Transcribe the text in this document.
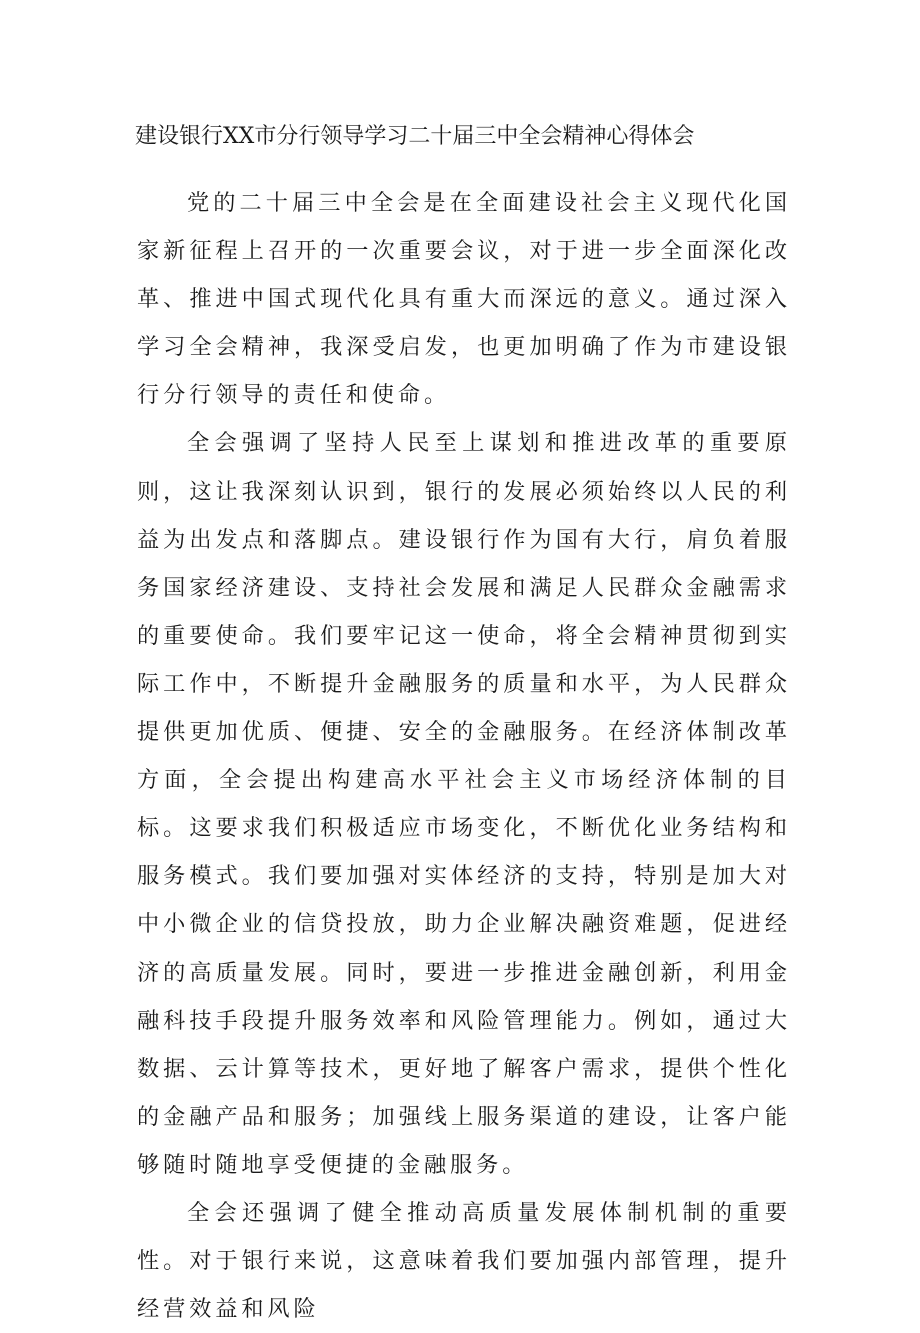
建设银行XX市分行领导学习二十届三中全会精神心得体会

党的二十届三中全会是在全面建设社会主义现代化国家新征程上召开的一次重要会议，对于进一步全面深化改革、推进中国式现代化具有重大而深远的意义。通过深入学习全会精神，我深受启发，也更加明确了作为市建设银行分行领导的责任和使命。

全会强调了坚持人民至上谋划和推进改革的重要原则，这让我深刻认识到，银行的发展必须始终以人民的利益为出发点和落脚点。建设银行作为国有大行，肩负着服务国家经济建设、支持社会发展和满足人民群众金融需求的重要使命。我们要牢记这一使命，将全会精神贯彻到实际工作中，不断提升金融服务的质量和水平，为人民群众提供更加优质、便捷、安全的金融服务。在经济体制改革方面，全会提出构建高水平社会主义市场经济体制的目标。这要求我们积极适应市场变化，不断优化业务结构和服务模式。我们要加强对实体经济的支持，特别是加大对中小微企业的信贷投放，助力企业解决融资难题，促进经济的高质量发展。同时，要进一步推进金融创新，利用金融科技手段提升服务效率和风险管理能力。例如，通过大数据、云计算等技术，更好地了解客户需求，提供个性化的金融产品和服务；加强线上服务渠道的建设，让客户能够随时随地享受便捷的金融服务。

全会还强调了健全推动高质量发展体制机制的重要性。对于银行来说，这意味着我们要加强内部管理，提升经营效益和风险
